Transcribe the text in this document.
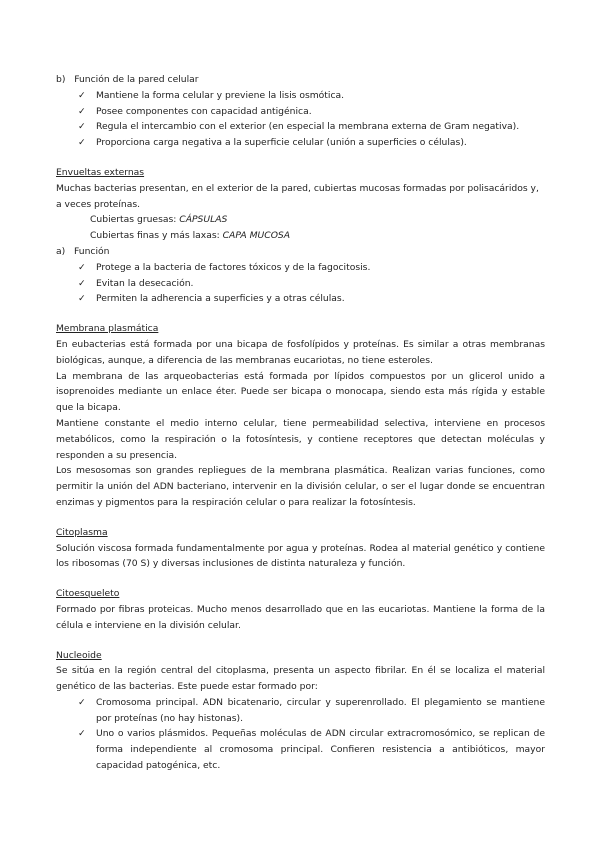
b) Función de la pared celular
✓ Mantiene la forma celular y previene la lisis osmótica.
✓ Posee componentes con capacidad antigénica.
✓ Regula el intercambio con el exterior (en especial la membrana externa de Gram negativa).
✓ Proporciona carga negativa a la superficie celular (unión a superficies o células).
Envueltas externas
Muchas bacterias presentan, en el exterior de la pared, cubiertas mucosas formadas por polisacáridos y, a veces proteínas.
Cubiertas gruesas: CÁPSULAS
Cubiertas finas y más laxas: CAPA MUCOSA
a) Función
✓ Protege a la bacteria de factores tóxicos y de la fagocitosis.
✓ Evitan la desecación.
✓ Permiten la adherencia a superficies y a otras células.
Membrana plasmática
En eubacterias está formada por una bicapa de fosfolípidos y proteínas. Es similar a otras membranas biológicas, aunque, a diferencia de las membranas eucariotas, no tiene esteroles.
La membrana de las arqueobacterias está formada por lípidos compuestos por un glicerol unido a isoprenoides mediante un enlace éter. Puede ser bicapa o monocapa, siendo esta más rígida y estable que la bicapa.
Mantiene constante el medio interno celular, tiene permeabilidad selectiva, interviene en procesos metabólicos, como la respiración o la fotosíntesis, y contiene receptores que detectan moléculas y responden a su presencia.
Los mesosomas son grandes repliegues de la membrana plasmática. Realizan varias funciones, como permitir la unión del ADN bacteriano, intervenir en la división celular, o ser el lugar donde se encuentran enzimas y pigmentos para la respiración celular o para realizar la fotosíntesis.
Citoplasma
Solución viscosa formada fundamentalmente por agua y proteínas. Rodea al material genético y contiene los ribosomas (70 S) y diversas inclusiones de distinta naturaleza y función.
Citoesqueleto
Formado por fibras proteicas. Mucho menos desarrollado que en las eucariotas. Mantiene la forma de la célula e interviene en la división celular.
Nucleoide
Se sitúa en la región central del citoplasma, presenta un aspecto fibrilar. En él se localiza el material genético de las bacterias. Este puede estar formado por:
✓ Cromosoma principal. ADN bicatenario, circular y superenrollado. El plegamiento se mantiene por proteínas (no hay histonas).
✓ Uno o varios plásmidos. Pequeñas moléculas de ADN circular extracromosómico, se replican de forma independiente al cromosoma principal. Confieren resistencia a antibióticos, mayor capacidad patogénica, etc.
